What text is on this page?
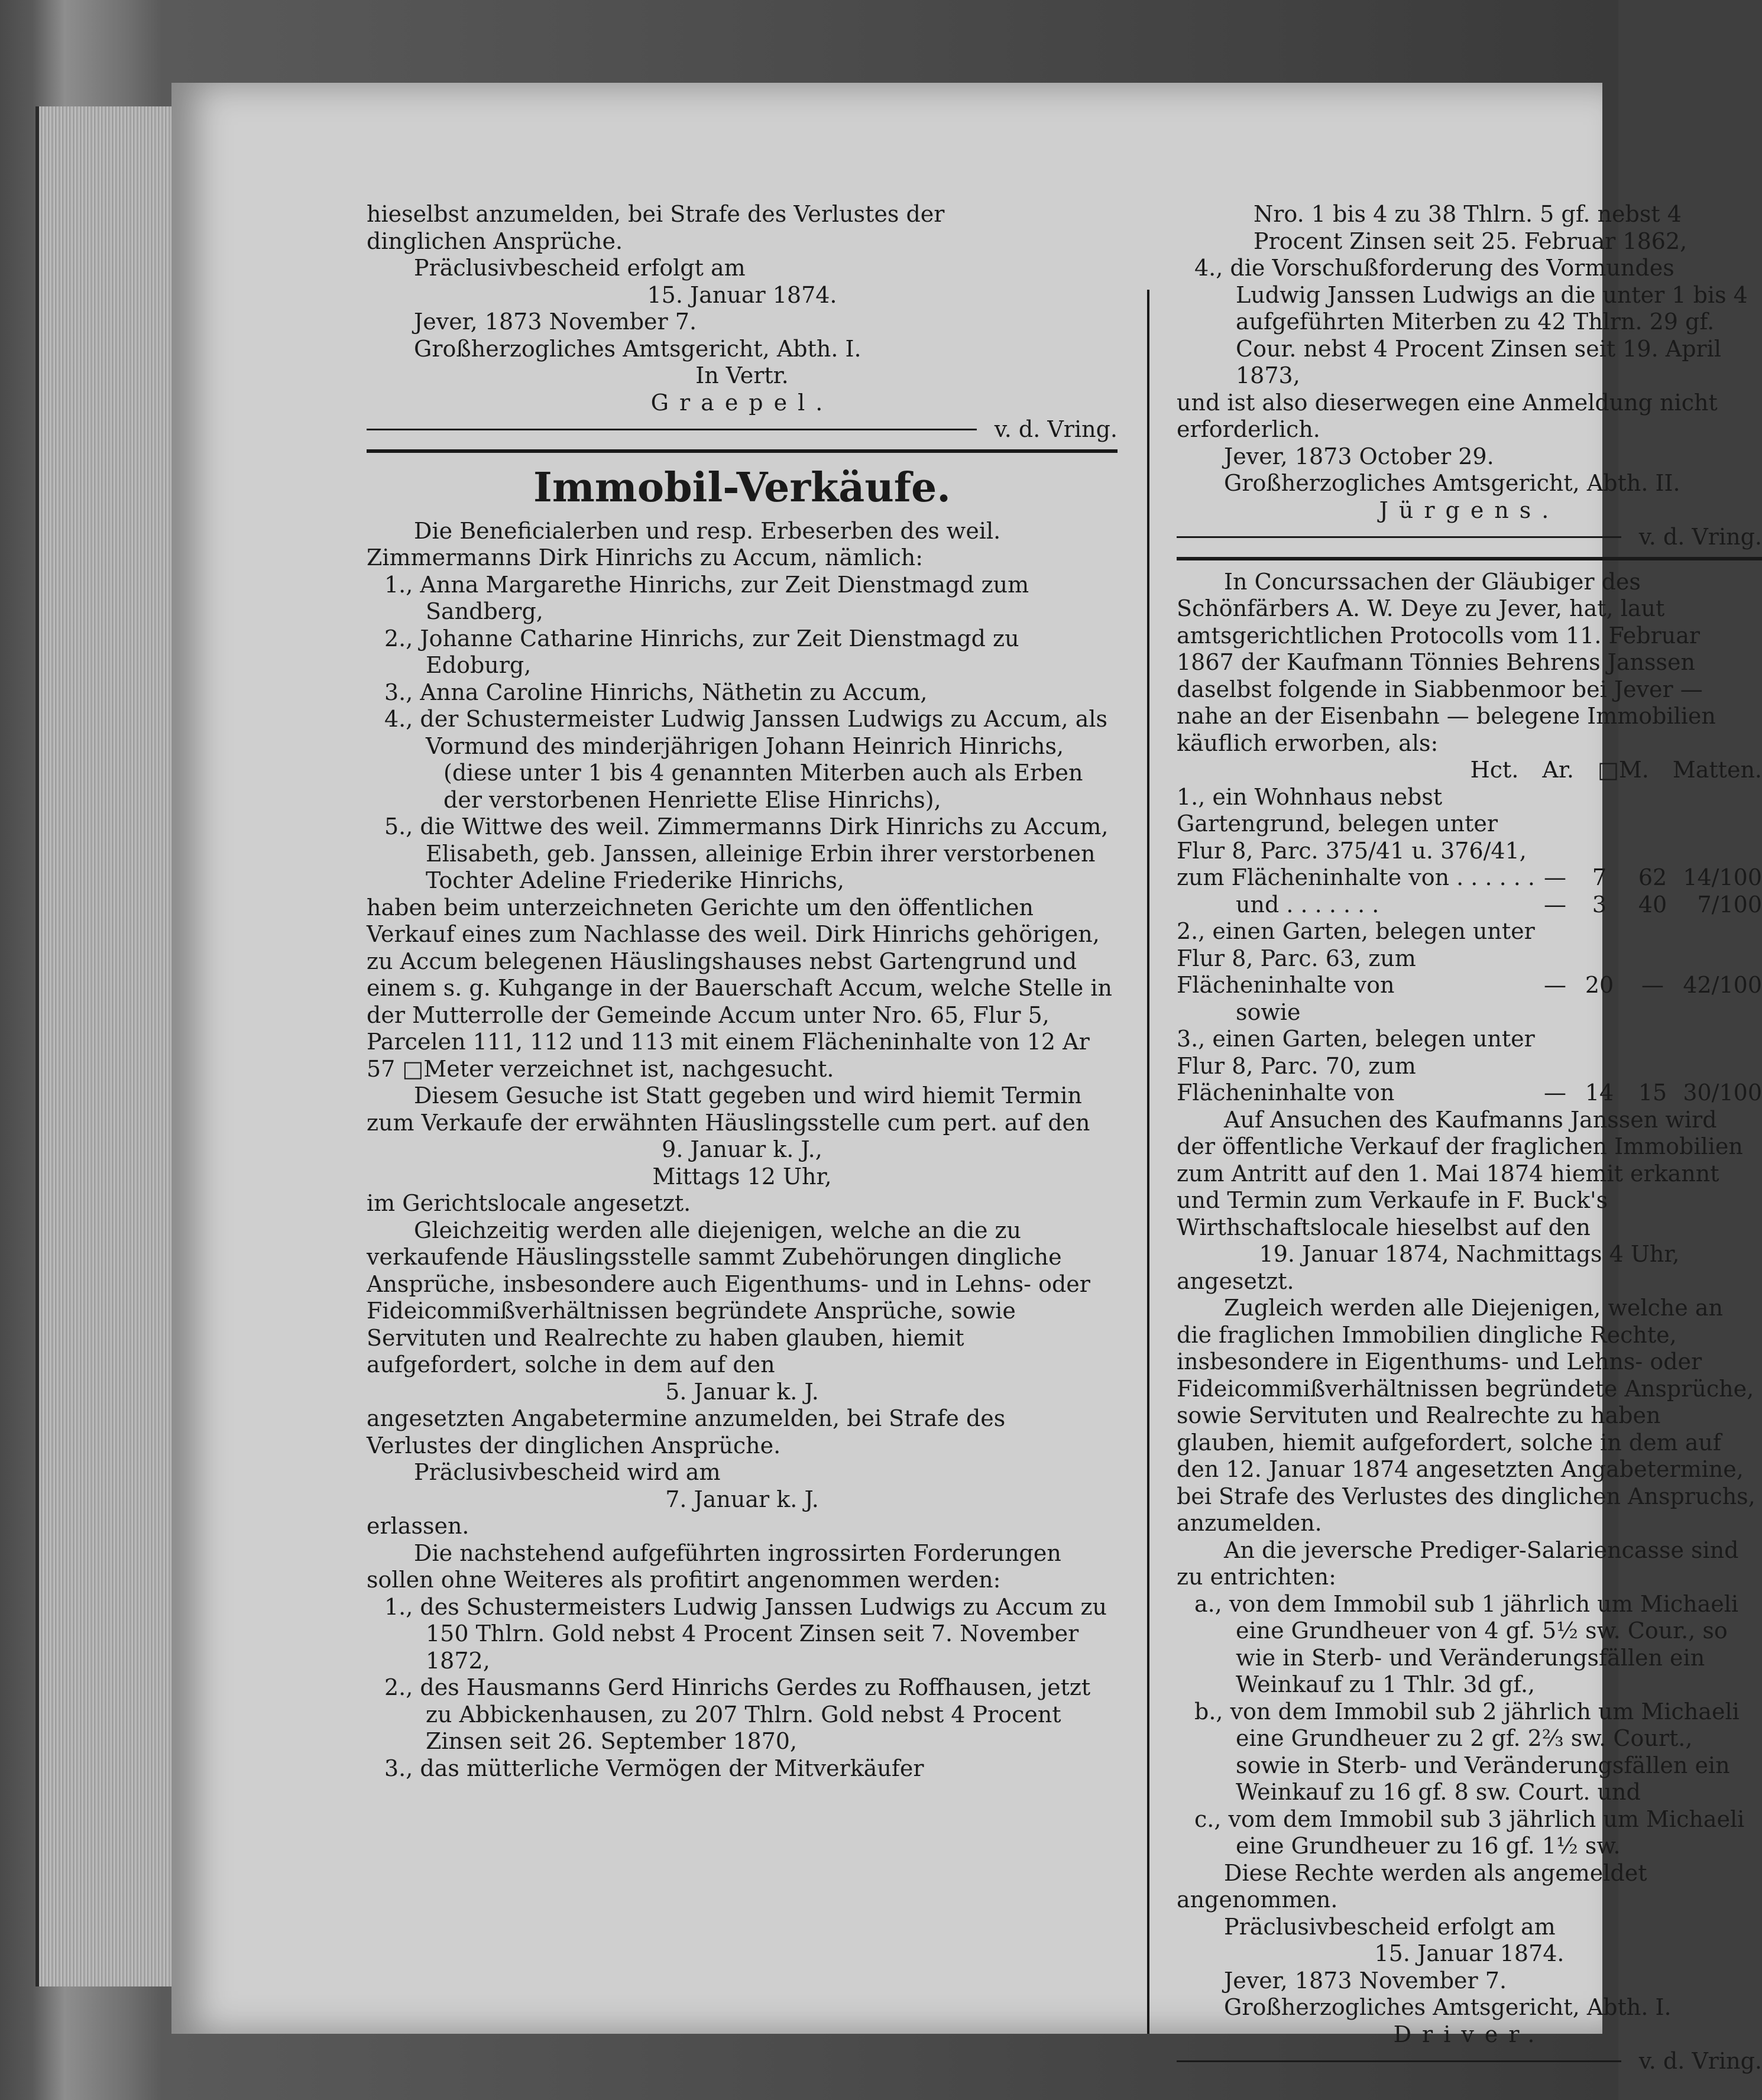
hieselbst anzumelden, bei Strafe des Verlustes der

dinglichen Ansprüche.

Präclusivbescheid erfolgt am

15. Januar 1874.

Jever, 1873 November 7.

Großherzogliches Amtsgericht, Abth. I.

In Vertr.

Graepel.

v. d. Vring.

Immobil-Verkäufe.

Die Beneficialerben und resp. Erbeserben des weil. Zimmermanns Dirk Hinrichs zu Accum, nämlich:

1., Anna Margarethe Hinrichs, zur Zeit Dienstmagd zum Sandberg,

2., Johanne Catharine Hinrichs, zur Zeit Dienstmagd zu Edoburg,

3., Anna Caroline Hinrichs, Näthetin zu Accum,

4., der Schustermeister Ludwig Janssen Ludwigs zu Accum, als Vormund des minderjährigen Johann Heinrich Hinrichs,

(diese unter 1 bis 4 genannten Miterben auch als Erben der verstorbenen Henriette Elise Hinrichs),

5., die Wittwe des weil. Zimmermanns Dirk Hinrichs zu Accum, Elisabeth, geb. Janssen, alleinige Erbin ihrer verstorbenen Tochter Adeline Friederike Hinrichs,

haben beim unterzeichneten Gerichte um den öffentlichen Verkauf eines zum Nachlasse des weil. Dirk Hinrichs gehörigen, zu Accum belegenen Häuslingshauses nebst Gartengrund und einem s. g. Kuhgange in der Bauerschaft Accum, welche Stelle in der Mutterrolle der Gemeinde Accum unter Nro. 65, Flur 5, Parcelen 111, 112 und 113 mit einem Flächeninhalte von 12 Ar 57 □Meter verzeichnet ist, nachgesucht.

Diesem Gesuche ist Statt gegeben und wird hiemit Termin zum Verkaufe der erwähnten Häuslingsstelle cum pert. auf den

9. Januar k. J.,

Mittags 12 Uhr,

im Gerichtslocale angesetzt.

Gleichzeitig werden alle diejenigen, welche an die zu verkaufende Häuslingsstelle sammt Zubehörungen dingliche Ansprüche, insbesondere auch Eigenthums- und in Lehns- oder Fideicommißverhältnissen begründete Ansprüche, sowie Servituten und Realrechte zu haben glauben, hiemit aufgefordert, solche in dem auf den

5. Januar k. J.

angesetzten Angabetermine anzumelden, bei Strafe des Verlustes der dinglichen Ansprüche.

Präclusivbescheid wird am

7. Januar k. J.

erlassen.

Die nachstehend aufgeführten ingrossirten Forderungen sollen ohne Weiteres als profitirt angenommen werden:

1., des Schustermeisters Ludwig Janssen Ludwigs zu Accum zu 150 Thlrn. Gold nebst 4 Procent Zinsen seit 7. November 1872,

2., des Hausmanns Gerd Hinrichs Gerdes zu Roffhausen, jetzt zu Abbickenhausen, zu 207 Thlrn. Gold nebst 4 Procent Zinsen seit 26. September 1870,

3., das mütterliche Vermögen der Mitverkäufer

Nro. 1 bis 4 zu 38 Thlrn. 5 gf. nebst 4 Procent Zinsen seit 25. Februar 1862,

4., die Vorschußforderung des Vormundes Ludwig Janssen Ludwigs an die unter 1 bis 4 aufgeführten Miterben zu 42 Thlrn. 29 gf. Cour. nebst 4 Procent Zinsen seit 19. April 1873,

und ist also dieserwegen eine Anmeldung nicht erforderlich.

Jever, 1873 October 29.

Großherzogliches Amtsgericht, Abth. II.

Jürgens.

v. d. Vring.

In Concurssachen der Gläubiger des Schönfärbers A. W. Deye zu Jever, hat, laut amtsgerichtlichen Protocolls vom 11. Februar 1867 der Kaufmann Tönnies Behrens Janssen daselbst folgende in Siabbenmoor bei Jever — nahe an der Eisenbahn — belegene Immobilien käuflich erworben, als:

Hct. Ar. □M. Matten.
1., ein Wohnhaus nebst Gartengrund, belegen unter Flur 8, Parc. 375/41 u. 376/41, zum Flächeninhalte von . . . . . .	—	7	62	14/100
und . . . . . . .	—	3	40	7/100
2., einen Garten, belegen unter Flur 8, Parc. 63, zum Flächeninhalte von	—	20	—	42/100
sowie				
3., einen Garten, belegen unter Flur 8, Parc. 70, zum Flächeninhalte von	—	14	15	30/100

Auf Ansuchen des Kaufmanns Janssen wird der öffentliche Verkauf der fraglichen Immobilien zum Antritt auf den 1. Mai 1874 hiemit erkannt und Termin zum Verkaufe in F. Buck's Wirthschaftslocale hieselbst auf den

19. Januar 1874, Nachmittags 4 Uhr,

angesetzt.

Zugleich werden alle Diejenigen, welche an die fraglichen Immobilien dingliche Rechte, insbesondere in Eigenthums- und Lehns- oder Fideicommißverhältnissen begründete Ansprüche, sowie Servituten und Realrechte zu haben glauben, hiemit aufgefordert, solche in dem auf den 12. Januar 1874 angesetzten Angabetermine, bei Strafe des Verlustes des dinglichen Anspruchs, anzumelden.

An die jeversche Prediger-Salariencasse sind zu entrichten:

a., von dem Immobil sub 1 jährlich um Michaeli eine Grundheuer von 4 gf. 5½ sw. Cour., so wie in Sterb- und Veränderungsfällen ein Weinkauf zu 1 Thlr. 3d gf.,

b., von dem Immobil sub 2 jährlich um Michaeli eine Grundheuer zu 2 gf. 2⅔ sw. Court., sowie in Sterb- und Veränderungsfällen ein Weinkauf zu 16 gf. 8 sw. Court. und

c., vom dem Immobil sub 3 jährlich um Michaeli eine Grundheuer zu 16 gf. 1½ sw.

Diese Rechte werden als angemeldet angenommen.

Präclusivbescheid erfolgt am

15. Januar 1874.

Jever, 1873 November 7.

Großherzogliches Amtsgericht, Abth. I.

Driver.

v. d. Vring.
